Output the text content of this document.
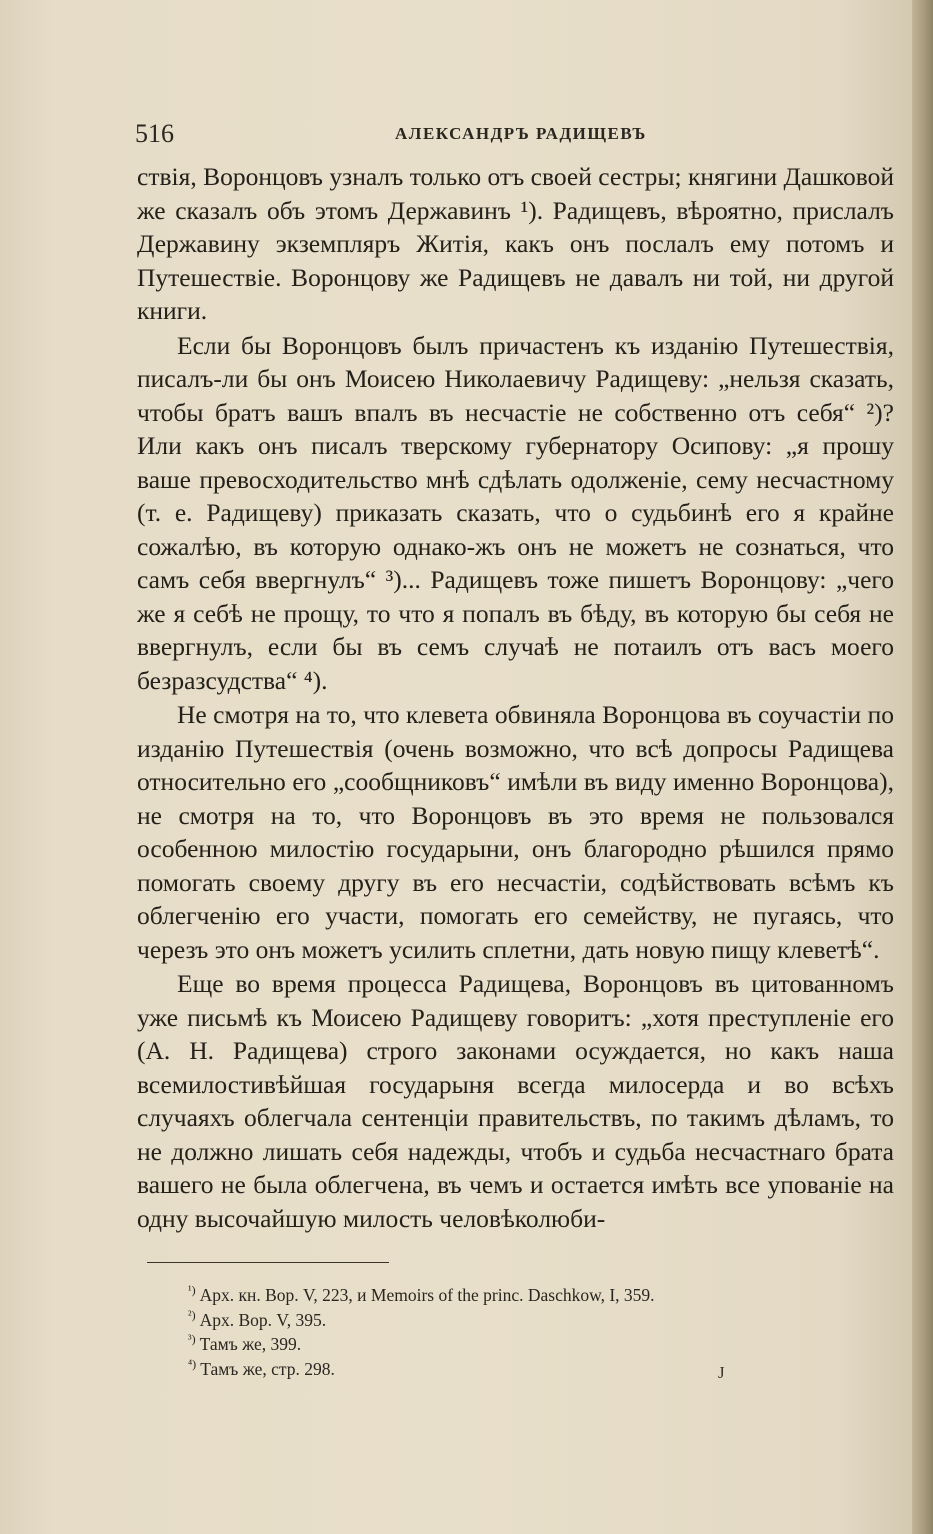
516	АЛЕКСАНДРЪ РАДИЩЕВЪ

ствія, Воронцовъ узналъ только отъ своей сестры; княгини Дашковой же сказалъ объ этомъ Державинъ ¹). Радищевъ, вѣроятно, прислалъ Державину экземпляръ Житія, какъ онъ послалъ ему потомъ и Путешествіе. Воронцову же Радищевъ не давалъ ни той, ни другой книги.

Если бы Воронцовъ былъ причастенъ къ изданію Путешествія, писалъ-ли бы онъ Моисею Николаевичу Радищеву: „нельзя сказать, чтобы братъ вашъ впалъ въ несчастіе не собственно отъ себя“ ²)? Или какъ онъ писалъ тверскому губернатору Осипову: „я прошу ваше превосходительство мнѣ сдѣлать одолженіе, сему несчастному (т. е. Радищеву) приказать сказать, что о судьбинѣ его я крайне сожалѣю, въ которую однако-жъ онъ не можетъ не сознаться, что самъ себя ввергнулъ“ ³)... Радищевъ тоже пишетъ Воронцову: „чего же я себѣ не прощу, то что я попалъ въ бѣду, въ которую бы себя не ввергнулъ, если бы въ семъ случаѣ не потаилъ отъ васъ моего безразсудства“ ⁴).

Не смотря на то, что клевета обвиняла Воронцова въ соучастіи по изданію Путешествія (очень возможно, что всѣ допросы Радищева относительно его „сообщниковъ“ имѣли въ виду именно Воронцова), не смотря на то, что Воронцовъ въ это время не пользовался особенною милостію государыни, онъ благородно рѣшился прямо помогать своему другу въ его несчастіи, содѣйствовать всѣмъ къ облегченію его участи, помогать его семейству, не пугаясь, что черезъ это онъ можетъ усилить сплетни, дать новую пищу клеветѣ“.

Еще во время процесса Радищева, Воронцовъ въ цитованномъ уже письмѣ къ Моисею Радищеву говоритъ: „хотя преступленіе его (А. Н. Радищева) строго законами осуждается, но какъ наша всемилостивѣйшая государыня всегда милосерда и во всѣхъ случаяхъ облегчала сентенціи правительствъ, по такимъ дѣламъ, то не должно лишать себя надежды, чтобъ и судьба несчастнаго брата вашего не была облегчена, въ чемъ и остается имѣть все упованіе на одну высочайшую милость человѣколюби-

$^{^1)}$ Арх. кн. Вор. V, 223, и Memoirs of the princ. Daschkow, I, 359.

$^{^2)}$ Арх. Вор. V, 395.

$^{^3)}$ Тамъ же, 399.

$^{^4)}$ Тамъ же, стр. 298.	J
